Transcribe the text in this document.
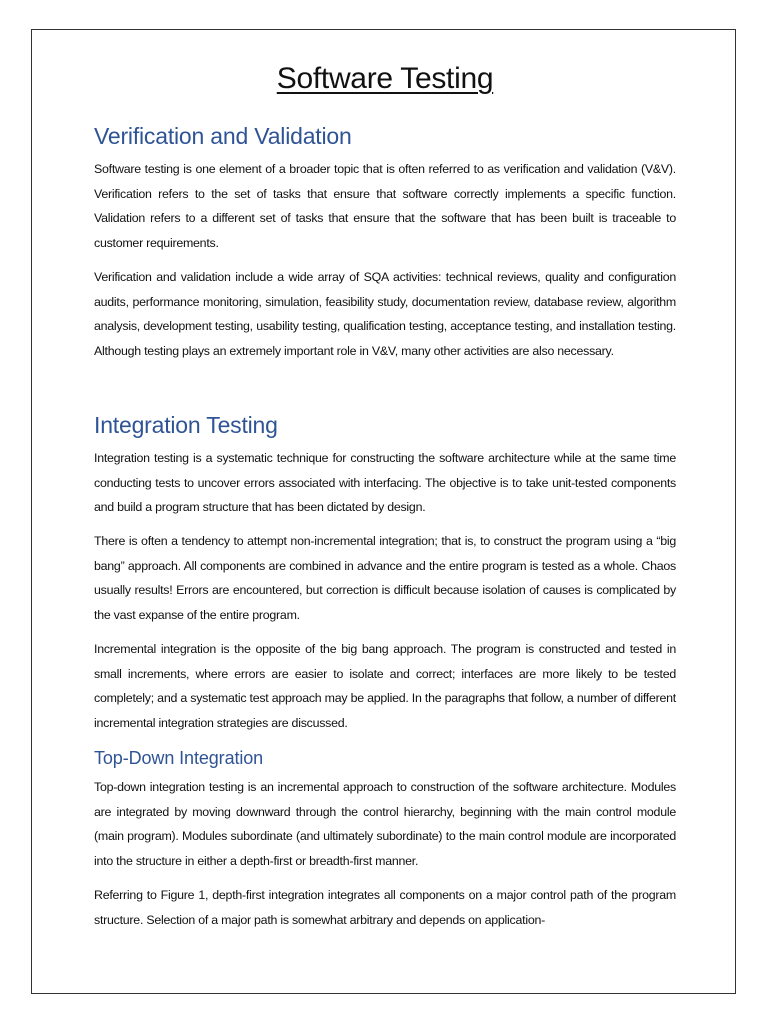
Software Testing
Verification and Validation

Software testing is one element of a broader topic that is often referred to as verification and validation (V&V). Verification refers to the set of tasks that ensure that software correctly implements a specific function. Validation refers to a different set of tasks that ensure that the software that has been built is traceable to customer requirements.

Verification and validation include a wide array of SQA activities: technical reviews, quality and configuration audits, performance monitoring, simulation, feasibility study, documentation review, database review, algorithm analysis, development testing, usability testing, qualification testing, acceptance testing, and installation testing. Although testing plays an extremely important role in V&V, many other activities are also necessary.

Integration Testing

Integration testing is a systematic technique for constructing the software architecture while at the same time conducting tests to uncover errors associated with interfacing. The objective is to take unit-tested components and build a program structure that has been dictated by design.

There is often a tendency to attempt non-incremental integration; that is, to construct the program using a “big bang” approach. All components are combined in advance and the entire program is tested as a whole. Chaos usually results! Errors are encountered, but correction is difficult because isolation of causes is complicated by the vast expanse of the entire program.

Incremental integration is the opposite of the big bang approach. The program is constructed and tested in small increments, where errors are easier to isolate and correct; interfaces are more likely to be tested completely; and a systematic test approach may be applied. In the paragraphs that follow, a number of different incremental integration strategies are discussed.

Top-Down Integration

Top-down integration testing is an incremental approach to construction of the software architecture. Modules are integrated by moving downward through the control hierarchy, beginning with the main control module (main program). Modules subordinate (and ultimately subordinate) to the main control module are incorporated into the structure in either a depth-first or breadth-first manner.

Referring to Figure 1, depth-first integration integrates all components on a major control path of the program structure. Selection of a major path is somewhat arbitrary and depends on application-
